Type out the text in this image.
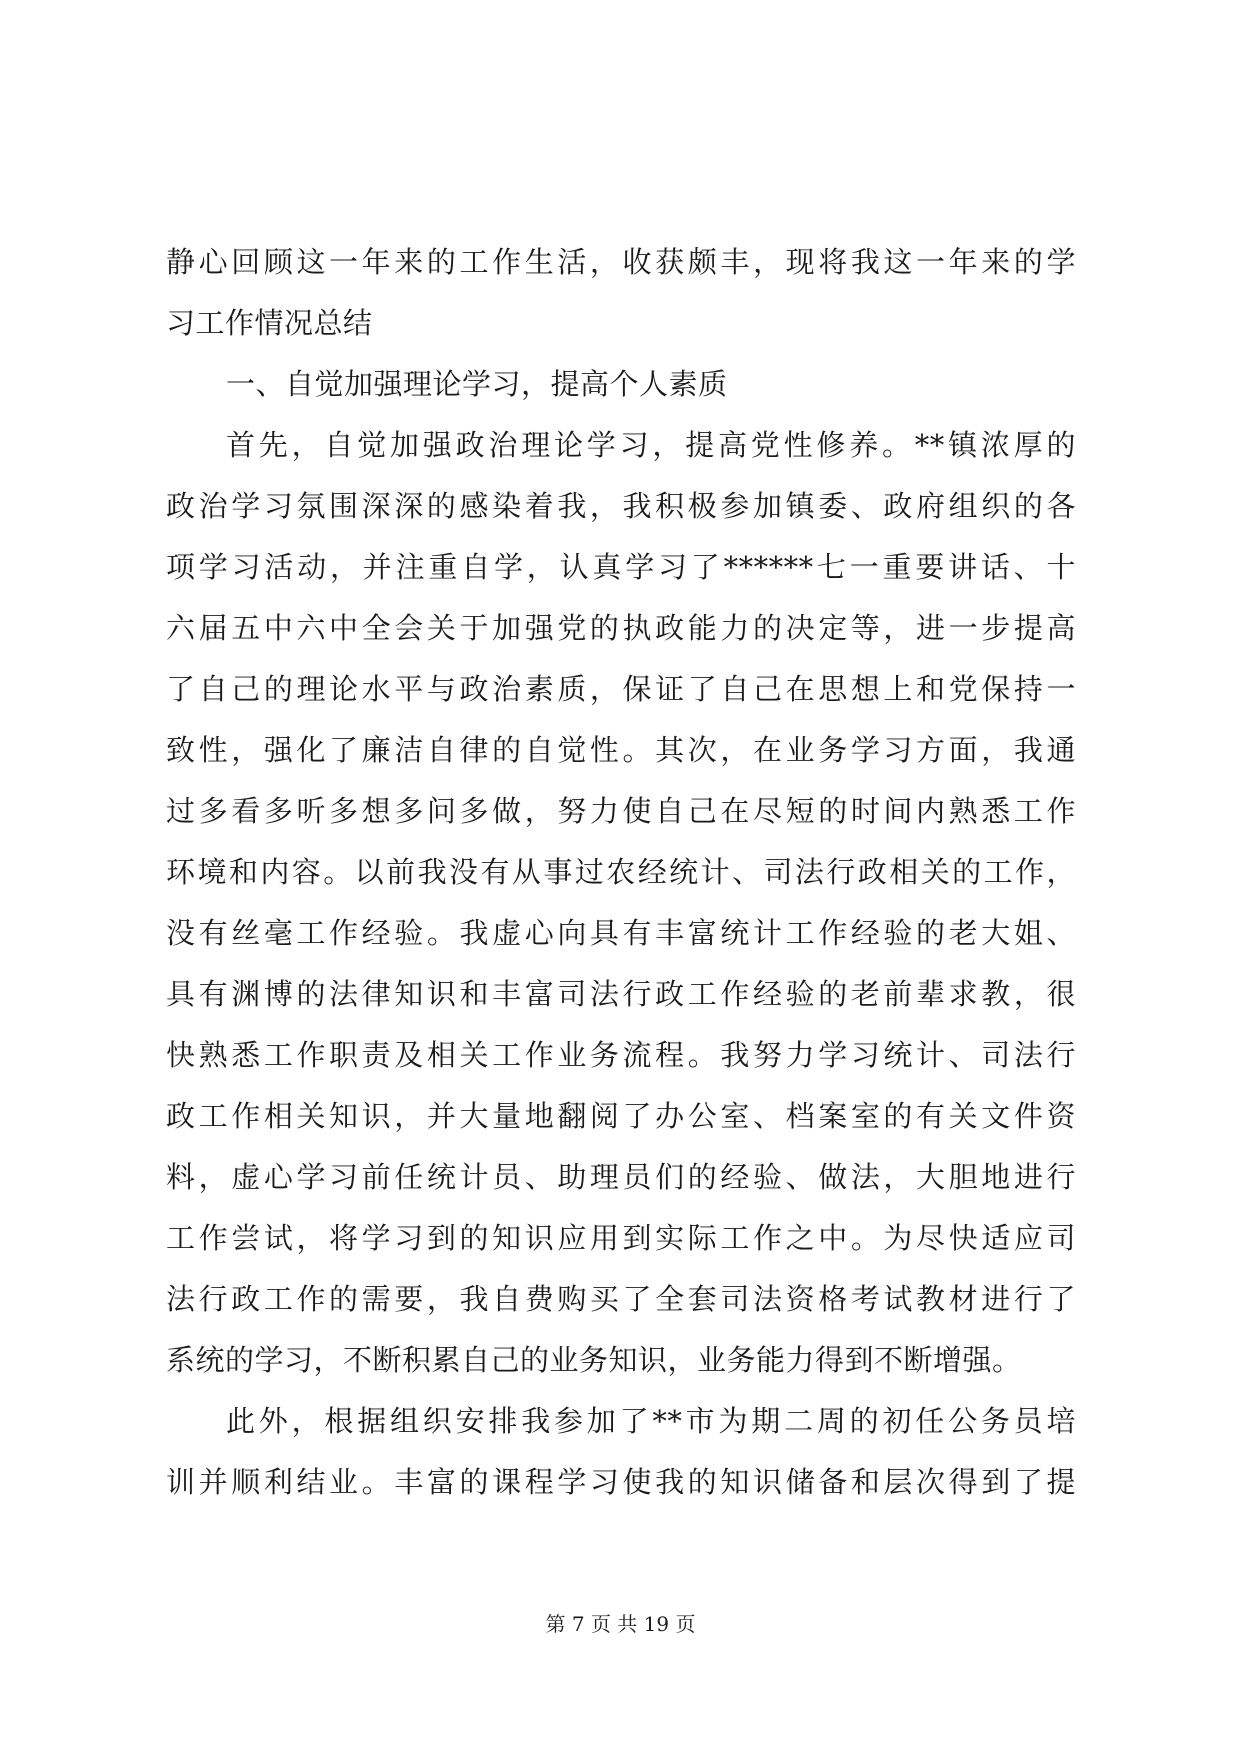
静心回顾这一年来的工作生活，收获颇丰，现将我这一年来的学
习工作情况总结
一、自觉加强理论学习，提高个人素质
首先，自觉加强政治理论学习，提高党性修养。**镇浓厚的
政治学习氛围深深的感染着我，我积极参加镇委、政府组织的各
项学习活动，并注重自学，认真学习了******七一重要讲话、十
六届五中六中全会关于加强党的执政能力的决定等，进一步提高
了自己的理论水平与政治素质，保证了自己在思想上和党保持一
致性，强化了廉洁自律的自觉性。其次，在业务学习方面，我通
过多看多听多想多问多做，努力使自己在尽短的时间内熟悉工作
环境和内容。以前我没有从事过农经统计、司法行政相关的工作，
没有丝毫工作经验。我虚心向具有丰富统计工作经验的老大姐、
具有渊博的法律知识和丰富司法行政工作经验的老前辈求教，很
快熟悉工作职责及相关工作业务流程。我努力学习统计、司法行
政工作相关知识，并大量地翻阅了办公室、档案室的有关文件资
料，虚心学习前任统计员、助理员们的经验、做法，大胆地进行
工作尝试，将学习到的知识应用到实际工作之中。为尽快适应司
法行政工作的需要，我自费购买了全套司法资格考试教材进行了
系统的学习，不断积累自己的业务知识，业务能力得到不断增强。
此外，根据组织安排我参加了**市为期二周的初任公务员培
训并顺利结业。丰富的课程学习使我的知识储备和层次得到了提
第 7 页 共 19 页
